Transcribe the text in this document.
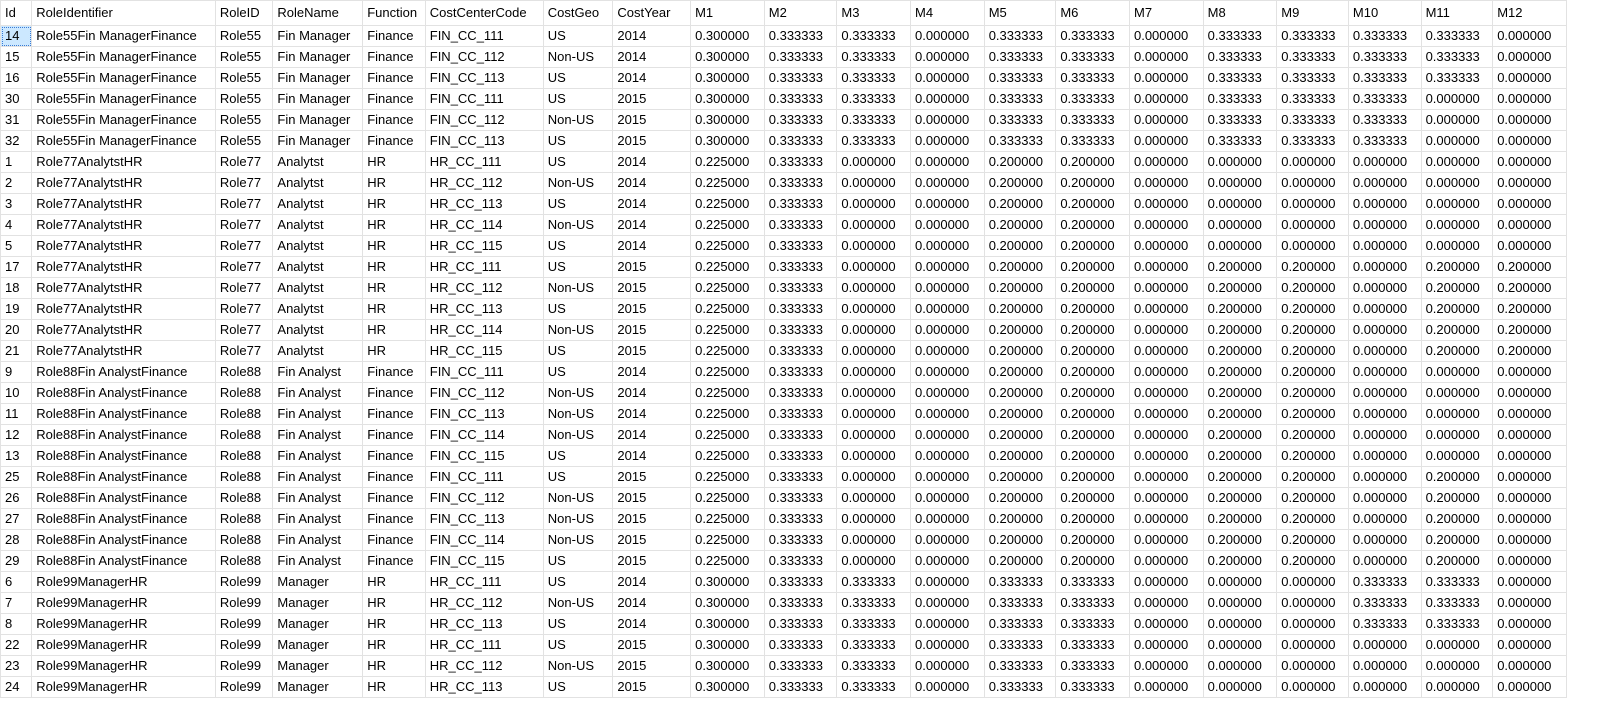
Id	RoleIdentifier	RoleID	RoleName	Function	CostCenterCode	CostGeo	CostYear	M1	M2	M3	M4	M5	M6	M7	M8	M9	M10	M11	M12
14	Role55Fin ManagerFinance	Role55	Fin Manager	Finance	FIN_CC_111	US	2014	0.300000	0.333333	0.333333	0.000000	0.333333	0.333333	0.000000	0.333333	0.333333	0.333333	0.333333	0.000000
15	Role55Fin ManagerFinance	Role55	Fin Manager	Finance	FIN_CC_112	Non-US	2014	0.300000	0.333333	0.333333	0.000000	0.333333	0.333333	0.000000	0.333333	0.333333	0.333333	0.333333	0.000000
16	Role55Fin ManagerFinance	Role55	Fin Manager	Finance	FIN_CC_113	US	2014	0.300000	0.333333	0.333333	0.000000	0.333333	0.333333	0.000000	0.333333	0.333333	0.333333	0.333333	0.000000
30	Role55Fin ManagerFinance	Role55	Fin Manager	Finance	FIN_CC_111	US	2015	0.300000	0.333333	0.333333	0.000000	0.333333	0.333333	0.000000	0.333333	0.333333	0.333333	0.000000	0.000000
31	Role55Fin ManagerFinance	Role55	Fin Manager	Finance	FIN_CC_112	Non-US	2015	0.300000	0.333333	0.333333	0.000000	0.333333	0.333333	0.000000	0.333333	0.333333	0.333333	0.000000	0.000000
32	Role55Fin ManagerFinance	Role55	Fin Manager	Finance	FIN_CC_113	US	2015	0.300000	0.333333	0.333333	0.000000	0.333333	0.333333	0.000000	0.333333	0.333333	0.333333	0.000000	0.000000
1	Role77AnalytstHR	Role77	Analytst	HR	HR_CC_111	US	2014	0.225000	0.333333	0.000000	0.000000	0.200000	0.200000	0.000000	0.000000	0.000000	0.000000	0.000000	0.000000
2	Role77AnalytstHR	Role77	Analytst	HR	HR_CC_112	Non-US	2014	0.225000	0.333333	0.000000	0.000000	0.200000	0.200000	0.000000	0.000000	0.000000	0.000000	0.000000	0.000000
3	Role77AnalytstHR	Role77	Analytst	HR	HR_CC_113	US	2014	0.225000	0.333333	0.000000	0.000000	0.200000	0.200000	0.000000	0.000000	0.000000	0.000000	0.000000	0.000000
4	Role77AnalytstHR	Role77	Analytst	HR	HR_CC_114	Non-US	2014	0.225000	0.333333	0.000000	0.000000	0.200000	0.200000	0.000000	0.000000	0.000000	0.000000	0.000000	0.000000
5	Role77AnalytstHR	Role77	Analytst	HR	HR_CC_115	US	2014	0.225000	0.333333	0.000000	0.000000	0.200000	0.200000	0.000000	0.000000	0.000000	0.000000	0.000000	0.000000
17	Role77AnalytstHR	Role77	Analytst	HR	HR_CC_111	US	2015	0.225000	0.333333	0.000000	0.000000	0.200000	0.200000	0.000000	0.200000	0.200000	0.000000	0.200000	0.200000
18	Role77AnalytstHR	Role77	Analytst	HR	HR_CC_112	Non-US	2015	0.225000	0.333333	0.000000	0.000000	0.200000	0.200000	0.000000	0.200000	0.200000	0.000000	0.200000	0.200000
19	Role77AnalytstHR	Role77	Analytst	HR	HR_CC_113	US	2015	0.225000	0.333333	0.000000	0.000000	0.200000	0.200000	0.000000	0.200000	0.200000	0.000000	0.200000	0.200000
20	Role77AnalytstHR	Role77	Analytst	HR	HR_CC_114	Non-US	2015	0.225000	0.333333	0.000000	0.000000	0.200000	0.200000	0.000000	0.200000	0.200000	0.000000	0.200000	0.200000
21	Role77AnalytstHR	Role77	Analytst	HR	HR_CC_115	US	2015	0.225000	0.333333	0.000000	0.000000	0.200000	0.200000	0.000000	0.200000	0.200000	0.000000	0.200000	0.200000
9	Role88Fin AnalystFinance	Role88	Fin Analyst	Finance	FIN_CC_111	US	2014	0.225000	0.333333	0.000000	0.000000	0.200000	0.200000	0.000000	0.200000	0.200000	0.000000	0.000000	0.000000
10	Role88Fin AnalystFinance	Role88	Fin Analyst	Finance	FIN_CC_112	Non-US	2014	0.225000	0.333333	0.000000	0.000000	0.200000	0.200000	0.000000	0.200000	0.200000	0.000000	0.000000	0.000000
11	Role88Fin AnalystFinance	Role88	Fin Analyst	Finance	FIN_CC_113	Non-US	2014	0.225000	0.333333	0.000000	0.000000	0.200000	0.200000	0.000000	0.200000	0.200000	0.000000	0.000000	0.000000
12	Role88Fin AnalystFinance	Role88	Fin Analyst	Finance	FIN_CC_114	Non-US	2014	0.225000	0.333333	0.000000	0.000000	0.200000	0.200000	0.000000	0.200000	0.200000	0.000000	0.000000	0.000000
13	Role88Fin AnalystFinance	Role88	Fin Analyst	Finance	FIN_CC_115	US	2014	0.225000	0.333333	0.000000	0.000000	0.200000	0.200000	0.000000	0.200000	0.200000	0.000000	0.000000	0.000000
25	Role88Fin AnalystFinance	Role88	Fin Analyst	Finance	FIN_CC_111	US	2015	0.225000	0.333333	0.000000	0.000000	0.200000	0.200000	0.000000	0.200000	0.200000	0.000000	0.200000	0.000000
26	Role88Fin AnalystFinance	Role88	Fin Analyst	Finance	FIN_CC_112	Non-US	2015	0.225000	0.333333	0.000000	0.000000	0.200000	0.200000	0.000000	0.200000	0.200000	0.000000	0.200000	0.000000
27	Role88Fin AnalystFinance	Role88	Fin Analyst	Finance	FIN_CC_113	Non-US	2015	0.225000	0.333333	0.000000	0.000000	0.200000	0.200000	0.000000	0.200000	0.200000	0.000000	0.200000	0.000000
28	Role88Fin AnalystFinance	Role88	Fin Analyst	Finance	FIN_CC_114	Non-US	2015	0.225000	0.333333	0.000000	0.000000	0.200000	0.200000	0.000000	0.200000	0.200000	0.000000	0.200000	0.000000
29	Role88Fin AnalystFinance	Role88	Fin Analyst	Finance	FIN_CC_115	US	2015	0.225000	0.333333	0.000000	0.000000	0.200000	0.200000	0.000000	0.200000	0.200000	0.000000	0.200000	0.000000
6	Role99ManagerHR	Role99	Manager	HR	HR_CC_111	US	2014	0.300000	0.333333	0.333333	0.000000	0.333333	0.333333	0.000000	0.000000	0.000000	0.333333	0.333333	0.000000
7	Role99ManagerHR	Role99	Manager	HR	HR_CC_112	Non-US	2014	0.300000	0.333333	0.333333	0.000000	0.333333	0.333333	0.000000	0.000000	0.000000	0.333333	0.333333	0.000000
8	Role99ManagerHR	Role99	Manager	HR	HR_CC_113	US	2014	0.300000	0.333333	0.333333	0.000000	0.333333	0.333333	0.000000	0.000000	0.000000	0.333333	0.333333	0.000000
22	Role99ManagerHR	Role99	Manager	HR	HR_CC_111	US	2015	0.300000	0.333333	0.333333	0.000000	0.333333	0.333333	0.000000	0.000000	0.000000	0.000000	0.000000	0.000000
23	Role99ManagerHR	Role99	Manager	HR	HR_CC_112	Non-US	2015	0.300000	0.333333	0.333333	0.000000	0.333333	0.333333	0.000000	0.000000	0.000000	0.000000	0.000000	0.000000
24	Role99ManagerHR	Role99	Manager	HR	HR_CC_113	US	2015	0.300000	0.333333	0.333333	0.000000	0.333333	0.333333	0.000000	0.000000	0.000000	0.000000	0.000000	0.000000
